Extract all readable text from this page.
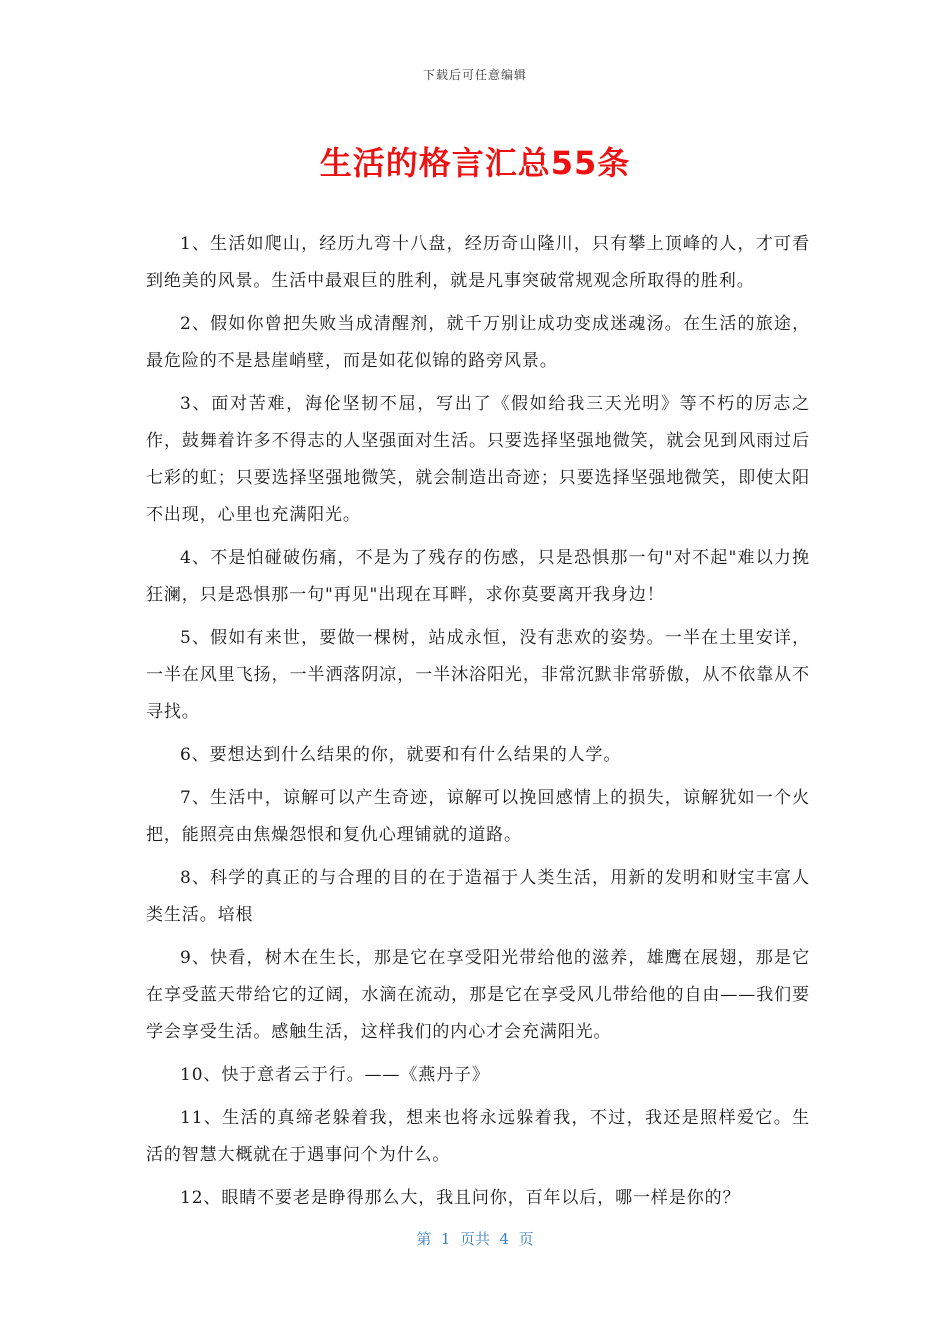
下载后可任意编辑
生活的格言汇总55条

1、生活如爬山，经历九弯十八盘，经历奇山隆川，只有攀上顶峰的人，才可看到绝美的风景。生活中最艰巨的胜利，就是凡事突破常规观念所取得的胜利。

2、假如你曾把失败当成清醒剂，就千万别让成功变成迷魂汤。在生活的旅途，最危险的不是悬崖峭壁，而是如花似锦的路旁风景。

3、面对苦难，海伦坚韧不屈，写出了《假如给我三天光明》等不朽的厉志之作，鼓舞着许多不得志的人坚强面对生活。只要选择坚强地微笑，就会见到风雨过后七彩的虹；只要选择坚强地微笑，就会制造出奇迹；只要选择坚强地微笑，即使太阳不出现，心里也充满阳光。

4、不是怕碰破伤痛，不是为了残存的伤感，只是恐惧那一句"对不起"难以力挽狂澜，只是恐惧那一句"再见"出现在耳畔，求你莫要离开我身边！

5、假如有来世，要做一棵树，站成永恒，没有悲欢的姿势。一半在土里安详，一半在风里飞扬，一半洒落阴凉，一半沐浴阳光，非常沉默非常骄傲，从不依靠从不寻找。

6、要想达到什么结果的你，就要和有什么结果的人学。

7、生活中，谅解可以产生奇迹，谅解可以挽回感情上的损失，谅解犹如一个火把，能照亮由焦燥怨恨和复仇心理铺就的道路。

8、科学的真正的与合理的目的在于造福于人类生活，用新的发明和财宝丰富人类生活。培根

9、快看，树木在生长，那是它在享受阳光带给他的滋养，雄鹰在展翅，那是它在享受蓝天带给它的辽阔，水滴在流动，那是它在享受风儿带给他的自由——我们要学会享受生活。感触生活，这样我们的内心才会充满阳光。

10、快于意者云于行。——《燕丹子》

11、生活的真缔老躲着我，想来也将永远躲着我，不过，我还是照样爱它。生活的智慧大概就在于遇事问个为什么。

12、眼睛不要老是睁得那么大，我且问你，百年以后，哪一样是你的？

第  1  页共  4  页
